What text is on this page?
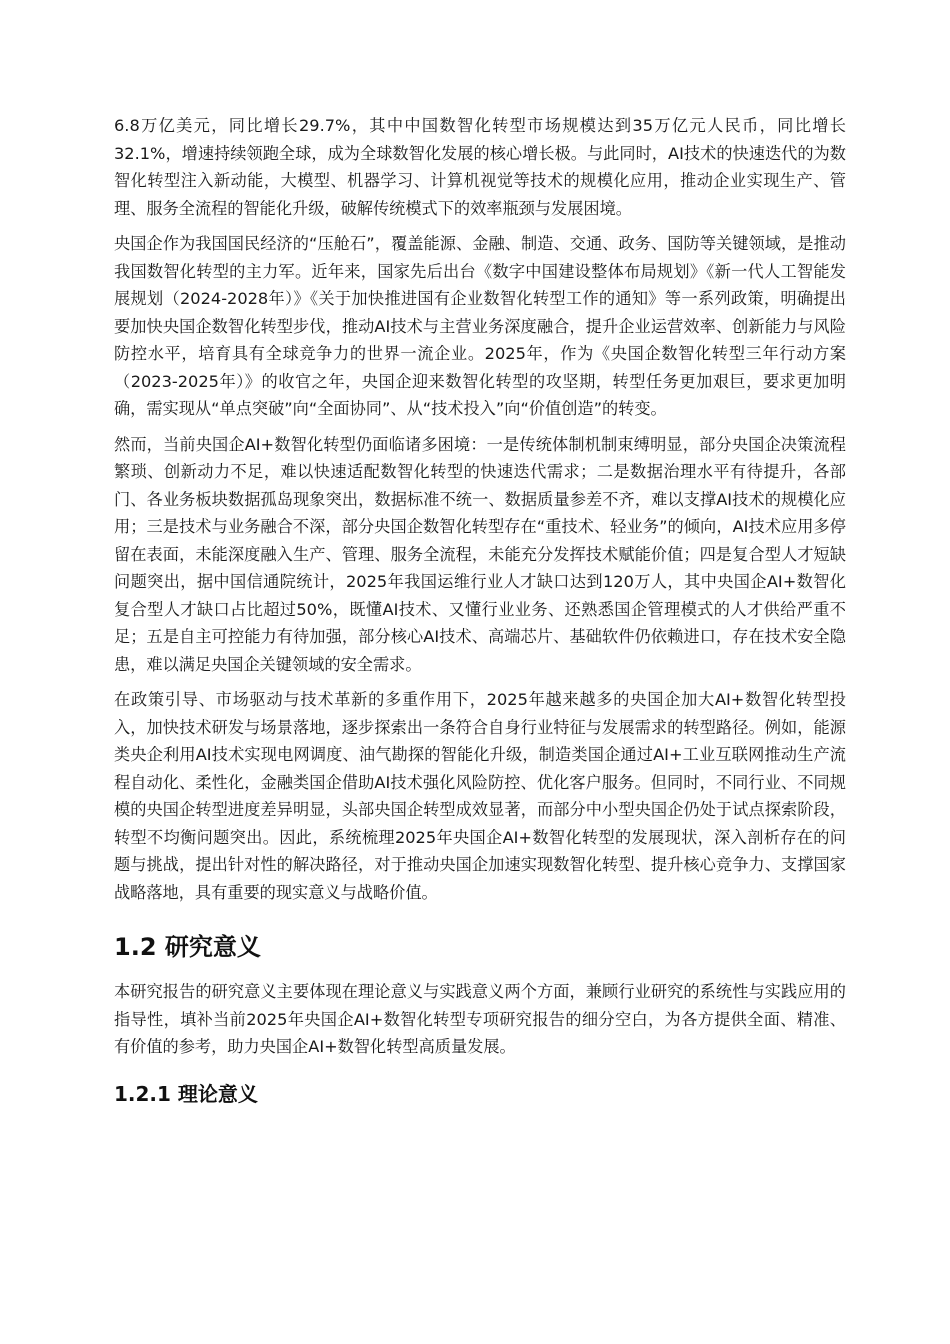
6.8万亿美元，同比增长29.7%，其中中国数智化转型市场规模达到35万亿元人民币，同比增长32.1%，增速持续领跑全球，成为全球数智化发展的核心增长极。与此同时，AI技术的快速迭代的为数智化转型注入新动能，大模型、机器学习、计算机视觉等技术的规模化应用，推动企业实现生产、管理、服务全流程的智能化升级，破解传统模式下的效率瓶颈与发展困境。

央国企作为我国国民经济的“压舱石”，覆盖能源、金融、制造、交通、政务、国防等关键领域，是推动我国数智化转型的主力军。近年来，国家先后出台《数字中国建设整体布局规划》《新一代人工智能发展规划（2024-2028年）》《关于加快推进国有企业数智化转型工作的通知》等一系列政策，明确提出要加快央国企数智化转型步伐，推动AI技术与主营业务深度融合，提升企业运营效率、创新能力与风险防控水平，培育具有全球竞争力的世界一流企业。2025年，作为《央国企数智化转型三年行动方案（2023-2025年）》的收官之年，央国企迎来数智化转型的攻坚期，转型任务更加艰巨，要求更加明确，需实现从“单点突破”向“全面协同”、从“技术投入”向“价值创造”的转变。

然而，当前央国企AI+数智化转型仍面临诸多困境：一是传统体制机制束缚明显，部分央国企决策流程繁琐、创新动力不足，难以快速适配数智化转型的快速迭代需求；二是数据治理水平有待提升，各部门、各业务板块数据孤岛现象突出，数据标准不统一、数据质量参差不齐，难以支撑AI技术的规模化应用；三是技术与业务融合不深，部分央国企数智化转型存在“重技术、轻业务”的倾向，AI技术应用多停留在表面，未能深度融入生产、管理、服务全流程，未能充分发挥技术赋能价值；四是复合型人才短缺问题突出，据中国信通院统计，2025年我国运维行业人才缺口达到120万人，其中央国企AI+数智化复合型人才缺口占比超过50%，既懂AI技术、又懂行业业务、还熟悉国企管理模式的人才供给严重不足；五是自主可控能力有待加强，部分核心AI技术、高端芯片、基础软件仍依赖进口，存在技术安全隐患，难以满足央国企关键领域的安全需求。

在政策引导、市场驱动与技术革新的多重作用下，2025年越来越多的央国企加大AI+数智化转型投入，加快技术研发与场景落地，逐步探索出一条符合自身行业特征与发展需求的转型路径。例如，能源类央企利用AI技术实现电网调度、油气勘探的智能化升级，制造类国企通过AI+工业互联网推动生产流程自动化、柔性化，金融类国企借助AI技术强化风险防控、优化客户服务。但同时，不同行业、不同规模的央国企转型进度差异明显，头部央国企转型成效显著，而部分中小型央国企仍处于试点探索阶段，转型不均衡问题突出。因此，系统梳理2025年央国企AI+数智化转型的发展现状，深入剖析存在的问题与挑战，提出针对性的解决路径，对于推动央国企加速实现数智化转型、提升核心竞争力、支撑国家战略落地，具有重要的现实意义与战略价值。

1.2 研究意义

本研究报告的研究意义主要体现在理论意义与实践意义两个方面，兼顾行业研究的系统性与实践应用的指导性，填补当前2025年央国企AI+数智化转型专项研究报告的细分空白，为各方提供全面、精准、有价值的参考，助力央国企AI+数智化转型高质量发展。

1.2.1 理论意义
